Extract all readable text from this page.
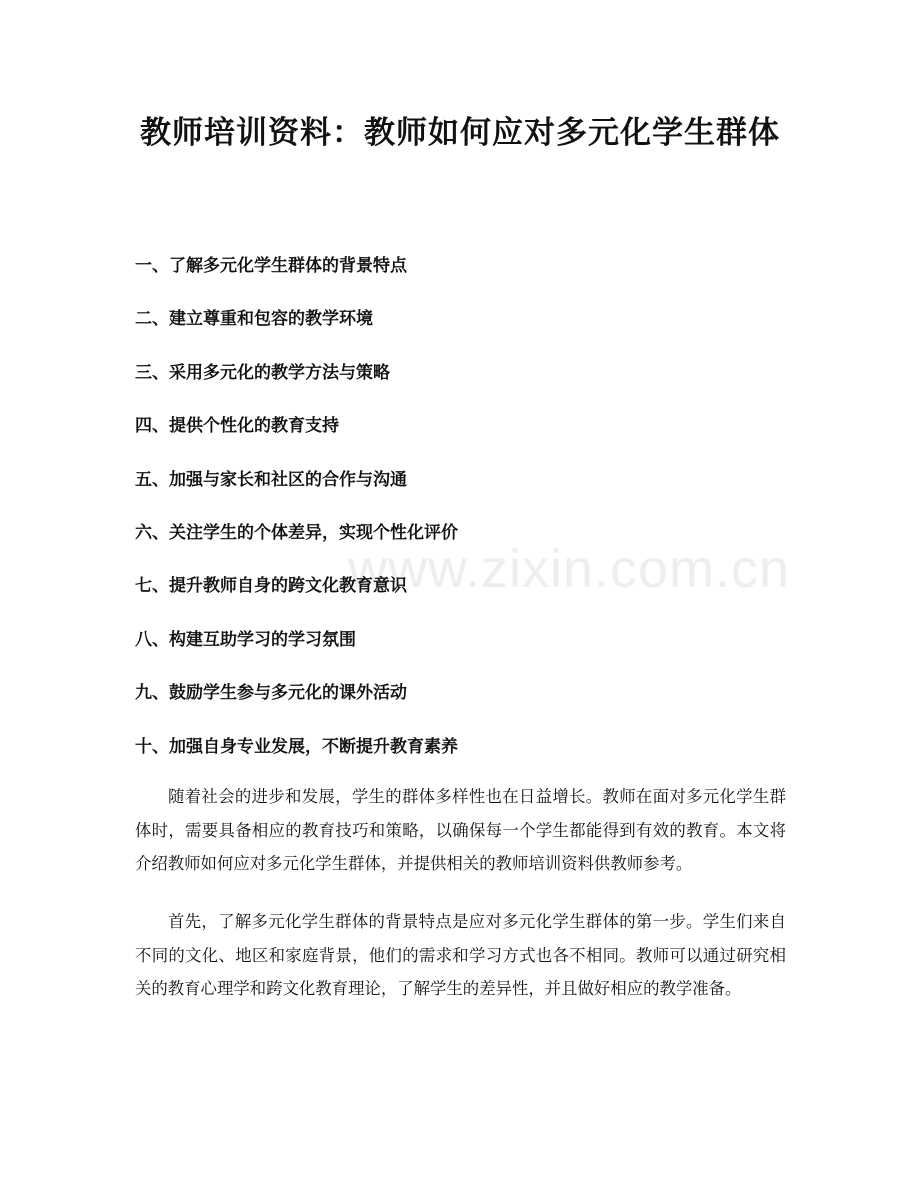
www.zixin.com.cn
教师培训资料：教师如何应对多元化学生群体
一、了解多元化学生群体的背景特点
二、建立尊重和包容的教学环境
三、采用多元化的教学方法与策略
四、提供个性化的教育支持
五、加强与家长和社区的合作与沟通
六、关注学生的个体差异，实现个性化评价
七、提升教师自身的跨文化教育意识
八、构建互助学习的学习氛围
九、鼓励学生参与多元化的课外活动
十、加强自身专业发展，不断提升教育素养

随着社会的进步和发展，学生的群体多样性也在日益增长。教师在面对多元化学生群体时，需要具备相应的教育技巧和策略，以确保每一个学生都能得到有效的教育。本文将介绍教师如何应对多元化学生群体，并提供相关的教师培训资料供教师参考。

首先，了解多元化学生群体的背景特点是应对多元化学生群体的第一步。学生们来自不同的文化、地区和家庭背景，他们的需求和学习方式也各不相同。教师可以通过研究相关的教育心理学和跨文化教育理论，了解学生的差异性，并且做好相应的教学准备。
